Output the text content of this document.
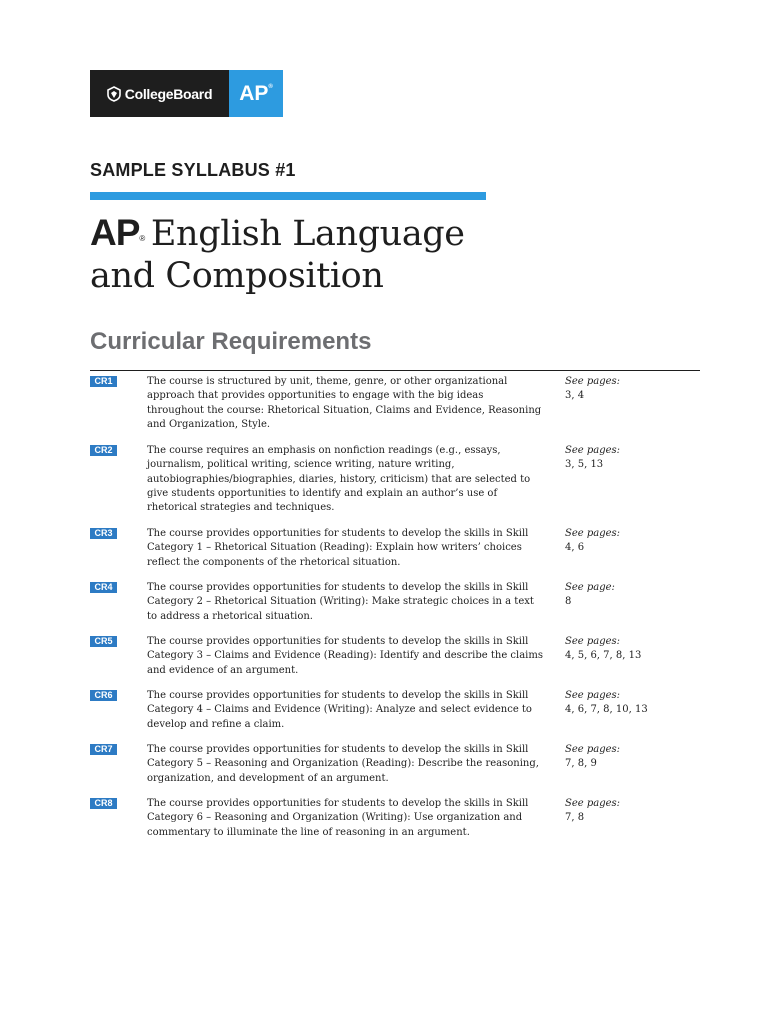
CollegeBoard AP®
SAMPLE SYLLABUS #1
AP® English Language
and Composition
Curricular Requirements
CR1	The course is structured by unit, theme, genre, or other organizational approach that provides opportunities to engage with the big ideas throughout the course: Rhetorical Situation, Claims and Evidence, Reasoning and Organization, Style.
See pages:
3, 4
CR2	The course requires an emphasis on nonfiction readings (e.g., essays, journalism, political writing, science writing, nature writing, autobiographies/biographies, diaries, history, criticism) that are selected to give students opportunities to identify and explain an author’s use of rhetorical strategies and techniques.
See pages:
3, 5, 13
CR3	The course provides opportunities for students to develop the skills in Skill Category 1 – Rhetorical Situation (Reading): Explain how writers’ choices reflect the components of the rhetorical situation.
See pages:
4, 6
CR4	The course provides opportunities for students to develop the skills in Skill Category 2 – Rhetorical Situation (Writing): Make strategic choices in a text to address a rhetorical situation.
See page:
8
CR5	The course provides opportunities for students to develop the skills in Skill Category 3 – Claims and Evidence (Reading): Identify and describe the claims and evidence of an argument.
See pages:
4, 5, 6, 7, 8, 13
CR6	The course provides opportunities for students to develop the skills in Skill Category 4 – Claims and Evidence (Writing): Analyze and select evidence to develop and refine a claim.
See pages:
4, 6, 7, 8, 10, 13
CR7	The course provides opportunities for students to develop the skills in Skill Category 5 – Reasoning and Organization (Reading): Describe the reasoning, organization, and development of an argument.
See pages:
7, 8, 9
CR8	The course provides opportunities for students to develop the skills in Skill Category 6 – Reasoning and Organization (Writing): Use organization and commentary to illuminate the line of reasoning in an argument.
See pages:
7, 8
